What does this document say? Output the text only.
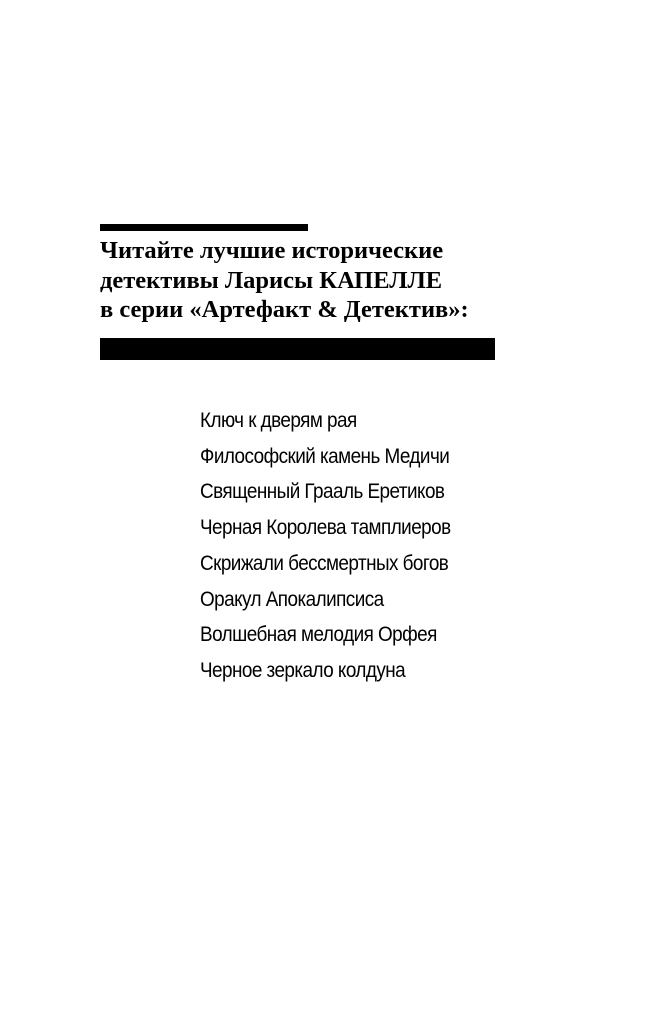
Читайте лучшие исторические
детективы Ларисы КАПЕЛЛЕ
в серии «Артефакт & Детектив»:
Ключ к дверям рая
Философский камень Медичи
Священный Грааль Еретиков
Черная Королева тамплиеров
Скрижали бессмертных богов
Оракул Апокалипсиса
Волшебная мелодия Орфея
Черное зеркало колдуна
